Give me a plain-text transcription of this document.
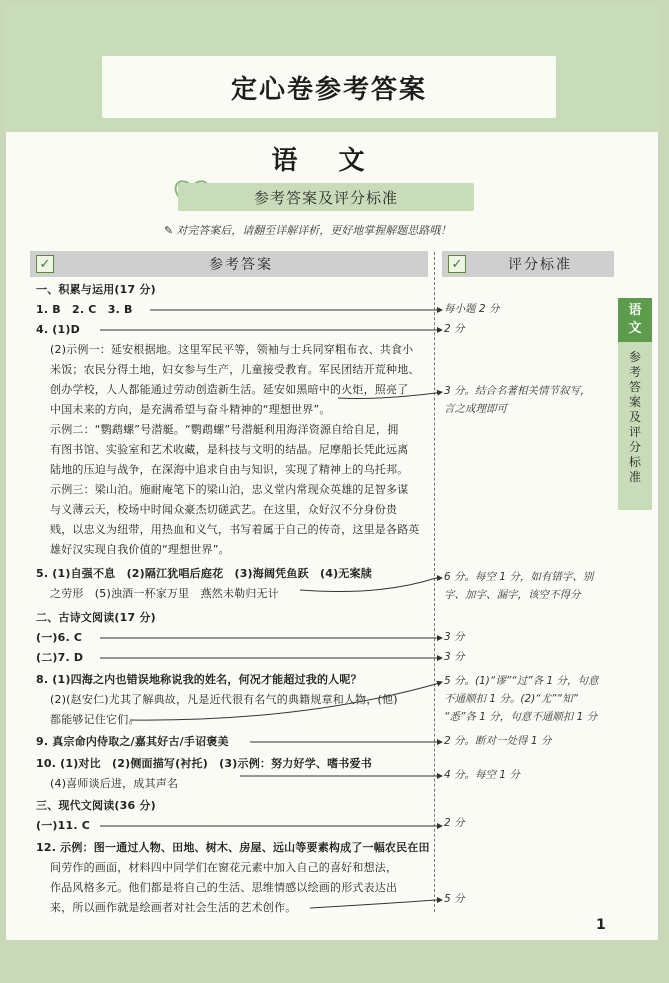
定心卷参考答案
语 文
参考答案及评分标准
✎ 对完答案后，请翻至详解详析，更好地掌握解题思路哦！
✓	参考答案	✓	评分标准
语
文
参考答案及评分标准
一、积累与运用(17 分)
1. B　2. C　3. B
4. (1)D
(2)示例一：延安根据地。这里军民平等，领袖与士兵同穿粗布衣、共食小
米饭；农民分得土地，妇女参与生产，儿童接受教育。军民团结开荒种地、
创办学校，人人都能通过劳动创造新生活。延安如黑暗中的火炬，照亮了
中国未来的方向，是充满希望与奋斗精神的“理想世界”。
示例二：“鹦鹉螺”号潜艇。“鹦鹉螺”号潜艇利用海洋资源自给自足，拥
有图书馆、实验室和艺术收藏，是科技与文明的结晶。尼摩船长凭此远离
陆地的压迫与战争，在深海中追求自由与知识，实现了精神上的乌托邦。
示例三：梁山泊。施耐庵笔下的梁山泊，忠义堂内常现众英雄的足智多谋
与义薄云天，校场中时闻众豪杰切磋武艺。在这里，众好汉不分身份贵
贱，以忠义为纽带，用热血和义气，书写着属于自己的传奇，这里是各路英
雄好汉实现自我价值的“理想世界”。
5. (1)自强不息　(2)隔江犹唱后庭花　(3)海阔凭鱼跃　(4)无案牍
之劳形　(5)浊酒一杯家万里　燕然未勒归无计
二、古诗文阅读(17 分)
(一)6. C
(二)7. D
8. (1)四海之内也错误地称说我的姓名，何况才能超过我的人呢？
(2)(赵安仁)尤其了解典故，凡是近代很有名气的典籍规章和人物，(他)
都能够记住它们。
9. 真宗命内侍取之/嘉其好古/手诏褒美
10. (1)对比　(2)侧面描写(衬托)　(3)示例：努力好学、嗜书爱书
(4)喜师谈后进，成其声名
三、现代文阅读(36 分)
(一)11. C
12. 示例：图一通过人物、田地、树木、房屋、远山等要素构成了一幅农民在田
间劳作的画面，材料四中同学们在窗花元素中加入自己的喜好和想法，
作品风格多元。他们都是将自己的生活、思维情感以绘画的形式表达出
来，所以画作就是绘画者对社会生活的艺术创作。
每小题 2 分
2 分
3 分。结合名著相关情节叙写，
言之成理即可
6 分。每空 1 分，如有错字、别
字、加字、漏字，该空不得分
3 分
3 分
5 分。(1)“谬”“过”各 1 分，句意
不通顺扣 1 分。(2)“尤”“知”
“悉”各 1 分，句意不通顺扣 1 分
2 分。断对一处得 1 分
4 分。每空 1 分
2 分
5 分
1
